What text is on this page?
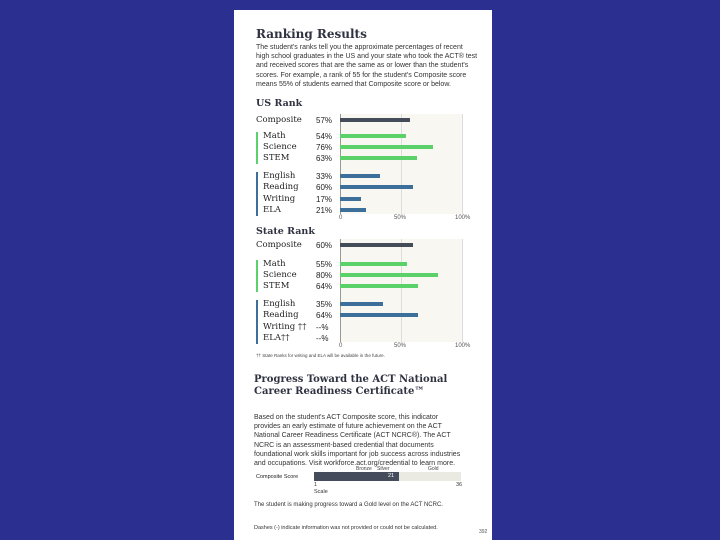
Ranking Results
The student's ranks tell you the approximate percentages of recent
high school graduates in the US and your state who took the ACT® test
and received scores that are the same as or lower than the student's
scores. For example, a rank of 55 for the student's Composite score
means 55% of students earned that Composite score or below.
US Rank
Composite 57%
Math	54%
Science 76%
STEM	63%
English	33%
Reading 60%
Writing	17%
ELA	21%
0	50%	100%
State Rank
Composite 60%
Math	55%
Science 80%
STEM	64%
English	35%
Reading 64%
Writing †† --%
ELA††	--%
0	50%	100%
†† State Ranks for writing and ELA will be available in the future.
Progress Toward the ACT National
Career Readiness Certificate™
Based on the student's ACT Composite score, this indicator
provides an early estimate of future achievement on the ACT
National Career Readiness Certificate (ACT NCRC®). The ACT
NCRC is an assessment-based credential that documents
foundational work skills important for job success across industries
and occupations. Visit workforce.act.org/credential to learn more.
Bronze Silver	Gold
Composite Score	21
1	36
Scale
The student is making progress toward a Gold level on the ACT NCRC.
Dashes (-) indicate information was not provided or could not be calculated.
392
